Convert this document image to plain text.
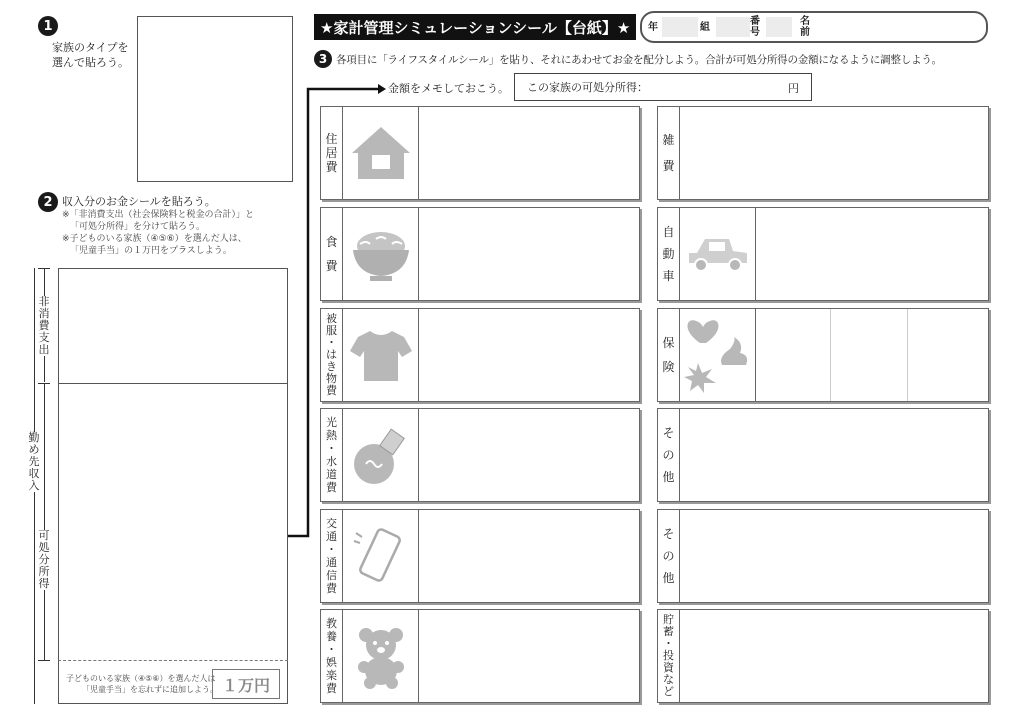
1
家族のタイプを
選んで貼ろう。
2 収入分のお金シールを貼ろう。
※「非消費支出（社会保険料と税金の合計）」と
「可処分所得」を分けて貼ろう。
※子どものいる家族（④⑤⑥）を選んだ人は、
「児童手当」の１万円をプラスしよう。
非消費支出
勤め先収入
可処分所得
子どものいる家族（④⑤⑥）を選んだ人は
「児童手当」を忘れずに追加しよう。 １万円
★家計管理シミュレーションシール【台紙】★	年	組	番
号
名
前
3 各項目に「ライフスタイルシール」を貼り、それにあわせてお金を配分しよう。合計が可処分所得の金額になるように調整しよう。
金額をメモしておこう。 この家族の可処分所得：	円
住
居
費
食
費
被
服
・
は
き
物
費
光
熱
・
水
道
費
交
通
・
通
信
費
教
養
・
娯
楽
費
雑
費
自
動
車
保
険
そ
の
他
そ
の
他
貯
蓄
・
投
資
な
ど
